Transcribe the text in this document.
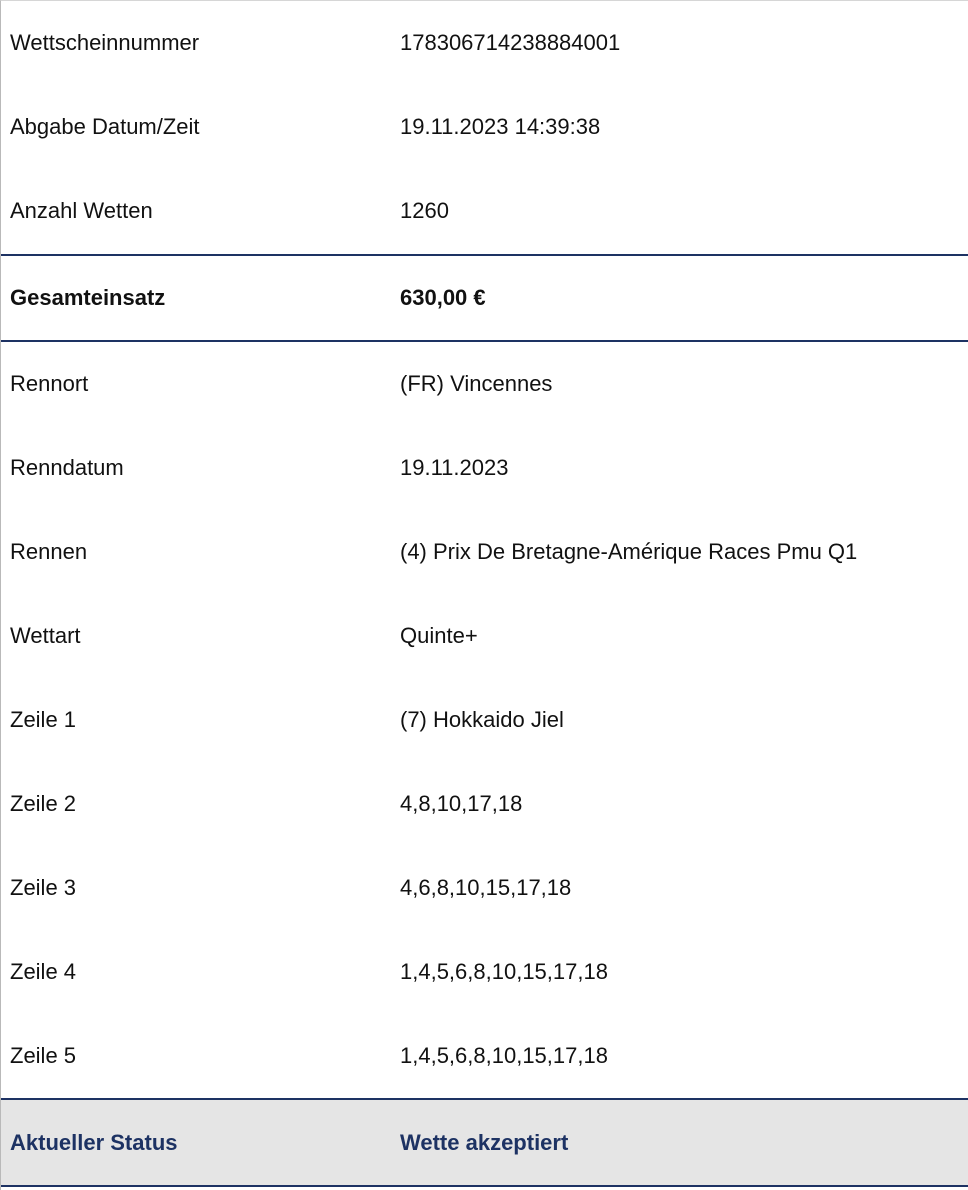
Wettscheinnummer	178306714238884001
Abgabe Datum/Zeit	19.11.2023 14:39:38
Anzahl Wetten	1260
Gesamteinsatz	630,00 €
Rennort	(FR) Vincennes
Renndatum	19.11.2023
Rennen	(4) Prix De Bretagne-Amérique Races Pmu Q1
Wettart	Quinte+
Zeile 1	(7) Hokkaido Jiel
Zeile 2	4,8,10,17,18
Zeile 3	4,6,8,10,15,17,18
Zeile 4	1,4,5,6,8,10,15,17,18
Zeile 5	1,4,5,6,8,10,15,17,18
Aktueller Status	Wette akzeptiert
